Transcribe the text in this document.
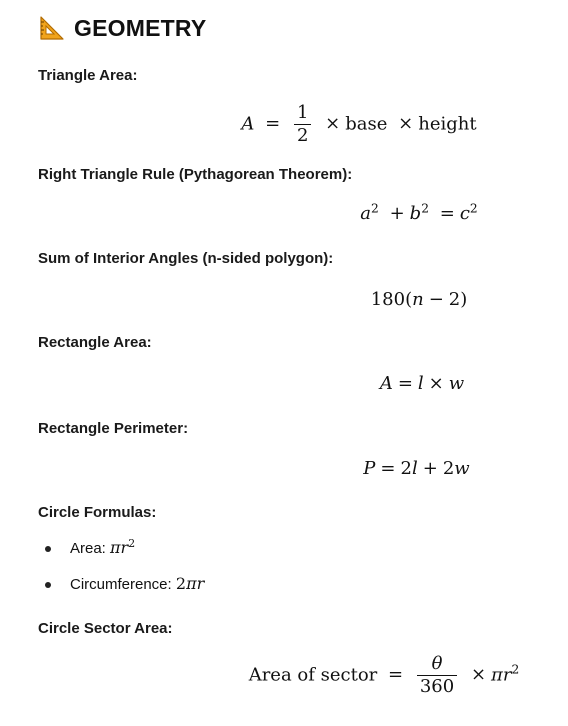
GEOMETRY
Triangle Area:
$A = \frac{1}{2}$ × base × height
Right Triangle Rule (Pythagorean Theorem):
$a^2 + b^2 = c^2$
Sum of Interior Angles (n-sided polygon):
180(n − 2)
Rectangle Area:
A = l × w
Rectangle Perimeter:
P = 2l + 2w
Circle Formulas:
Area: $\pi r^2$
Circumference: 2πr
Circle Sector Area:
Area of sector = $\frac{\theta}{360} \times \pi r^2$
